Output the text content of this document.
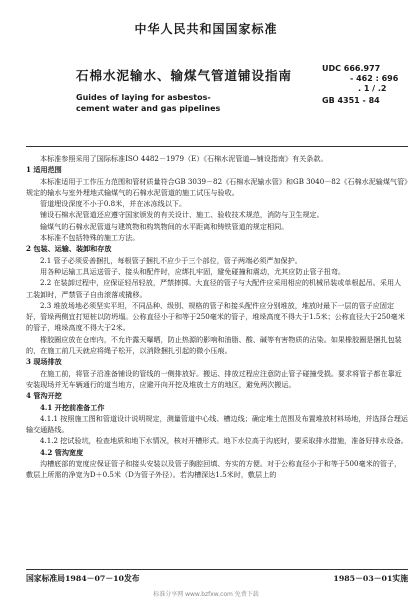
中华人民共和国国家标准
石棉水泥输水、输煤气管道铺设指南
Guides of laying for asbestos-
cement water and gas pipelines
UDC 666.977
- 462 : 696
. 1 / .2
GB 4351 - 84

本标准参照采用了国际标准ISO 4482－1979（E）《石棉水泥管道—铺设指南》有关条款。

1 适用范围

本标准适用于工作压力范围和管材质量符合GB 3039－82《石棉水泥输水管》和GB 3040－82《石棉水泥输煤气管》规定的输水与室外埋地式输煤气的石棉水泥管道的施工试压与验收。

管道埋设深度不小于0.8米，并在冰冻线以下。

铺设石棉水泥管道还应遵守国家颁发的有关设计、施工、验收技术规范，消防与卫生规定。

输煤气的石棉水泥管道与建筑物和构筑物间的水平距离和铸铁管道的规定相同。

本标准不包括特殊的施工方法。

2 包装、运输、装卸和存放

2.1 管子必须妥善捆扎，每根管子捆扎不应少于三个部位，管子两端必须严加保护。

用各种运输工具运送管子、接头和配件时，应绑扎牢固，避免碰撞和震动，尤其应防止管子扭弯。

2.2 在装卸过程中，应保证轻吊轻放，严禁摔掷。大直径的管子与大配件应采用相应的机械吊装或单根起吊。采用人工装卸时，严禁管子自由滚落或撬移。

2.3 堆放场地必须坚实平坦，不同品种、级别、规格的管子和接头配件应分别堆放，堆放时最下一层的管子应固定好，管垛两侧宜打短桩以防坍塌。公称直径小于和等于250毫米的管子，堆垛高度不得大于1.5米；公称直径大于250毫米的管子，堆垛高度不得大于2米。

橡胶圈应放在仓库内，不允许露天曝晒，防止热源的影响和油脂、酸、碱等有害物质的沾染。如果橡胶圈是捆扎包装的，在施工前几天就应将绳子松开，以消除捆扎引起的微小压痕。

3 现场排放

在施工前，将管子沿准备铺设的管线的一侧排放好。搬运、排放过程应注意防止管子碰撞受损。要求将管子都在靠近安装现场并无车辆通行的道当地方，应避开向开挖及堆放土方的地区，避免两次搬运。

4 管沟开挖

4.1 开挖前准备工作

4.1.1 按照施工图和管道设计说明规定，测量管道中心线、槽边线；确定堆土范围及布置堆放材料场地，并选择合理运输交通路线。

4.1.2 挖试验坑，检查地质和地下水情况，核对开槽形式。地下水位高于沟底时，要采取排水措施，准备好排水设备。

4.2 管沟宽度

沟槽底部的宽度应保证管子和接头安装以及管子胸腔回填、夯实的方便。对于公称直径小于和等于500毫米的管子，敷层上所需的净宽为D＋0.5米（D为管子外径）。若沟槽深达1.5米时，敷层上的

国家标准局1984－07－10发布	1985－03－01实施
标准分享网 www.bzfxw.com 免费下载
